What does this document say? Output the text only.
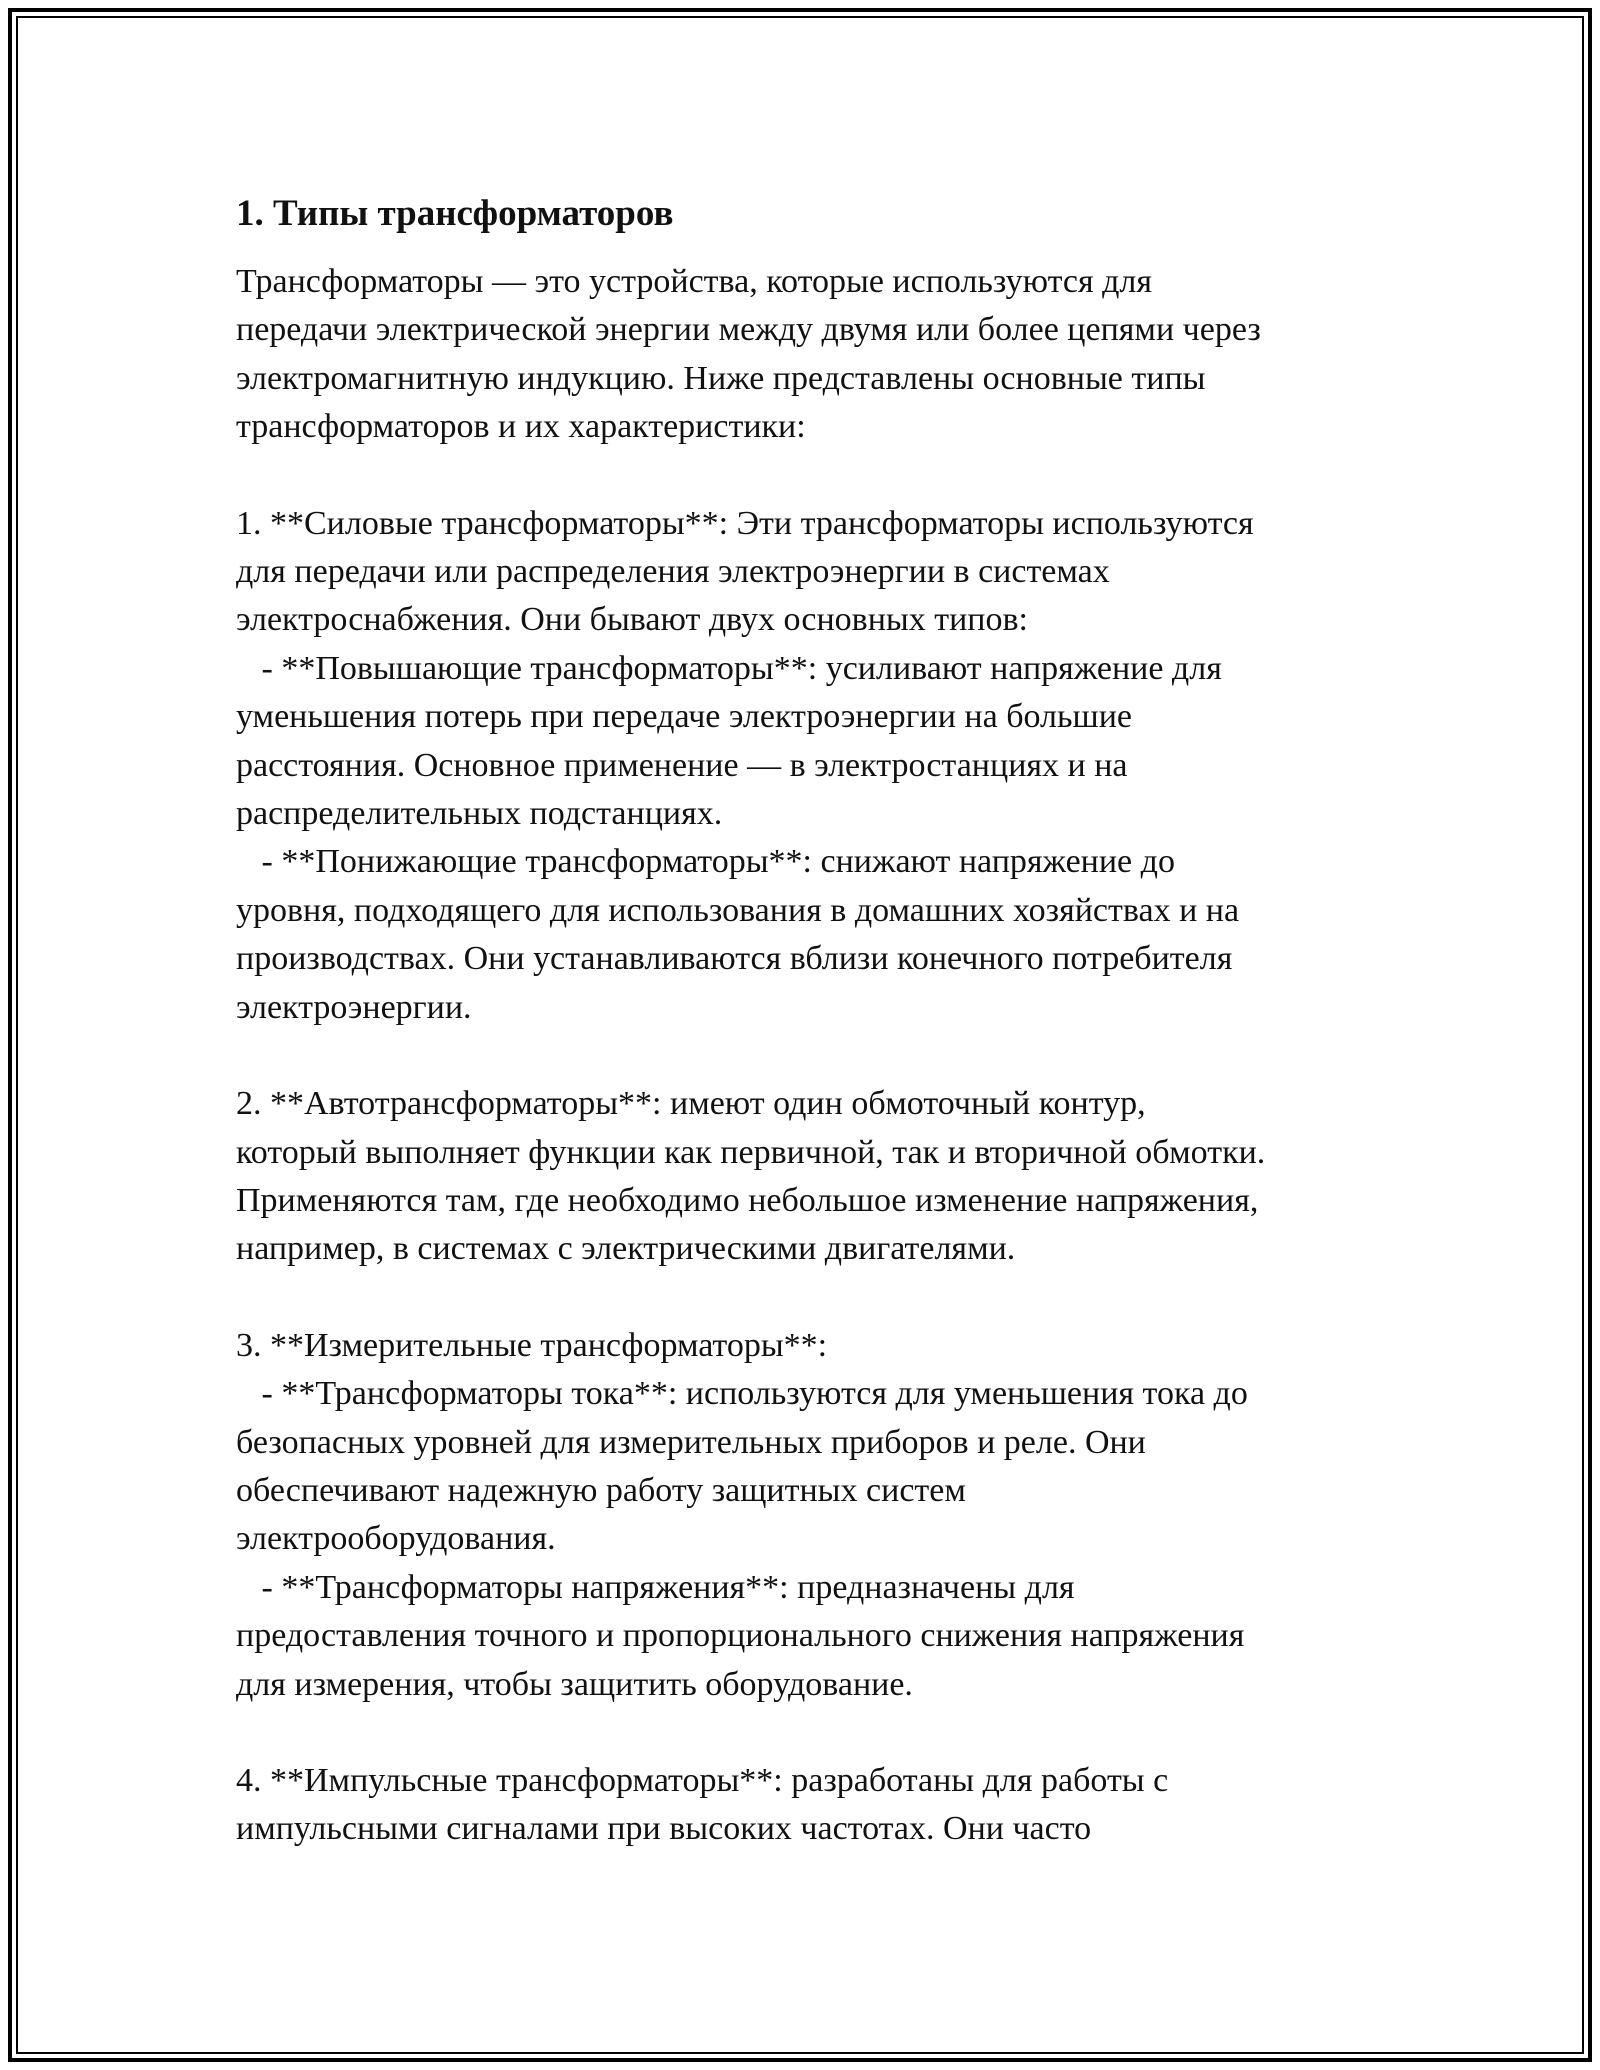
1. Типы трансформаторов
Трансформаторы — это устройства, которые используются для
передачи электрической энергии между двумя или более цепями через
электромагнитную индукцию. Ниже представлены основные типы
трансформаторов и их характеристики:
1. **Силовые трансформаторы**: Эти трансформаторы используются
для передачи или распределения электроэнергии в системах
электроснабжения. Они бывают двух основных типов:
- **Повышающие трансформаторы**: усиливают напряжение для
уменьшения потерь при передаче электроэнергии на большие
расстояния. Основное применение — в электростанциях и на
распределительных подстанциях.
- **Понижающие трансформаторы**: снижают напряжение до
уровня, подходящего для использования в домашних хозяйствах и на
производствах. Они устанавливаются вблизи конечного потребителя
электроэнергии.
2. **Автотрансформаторы**: имеют один обмоточный контур,
который выполняет функции как первичной, так и вторичной обмотки.
Применяются там, где необходимо небольшое изменение напряжения,
например, в системах с электрическими двигателями.
3. **Измерительные трансформаторы**:
- **Трансформаторы тока**: используются для уменьшения тока до
безопасных уровней для измерительных приборов и реле. Они
обеспечивают надежную работу защитных систем
электрооборудования.
- **Трансформаторы напряжения**: предназначены для
предоставления точного и пропорционального снижения напряжения
для измерения, чтобы защитить оборудование.
4. **Импульсные трансформаторы**: разработаны для работы с
импульсными сигналами при высоких частотах. Они часто
